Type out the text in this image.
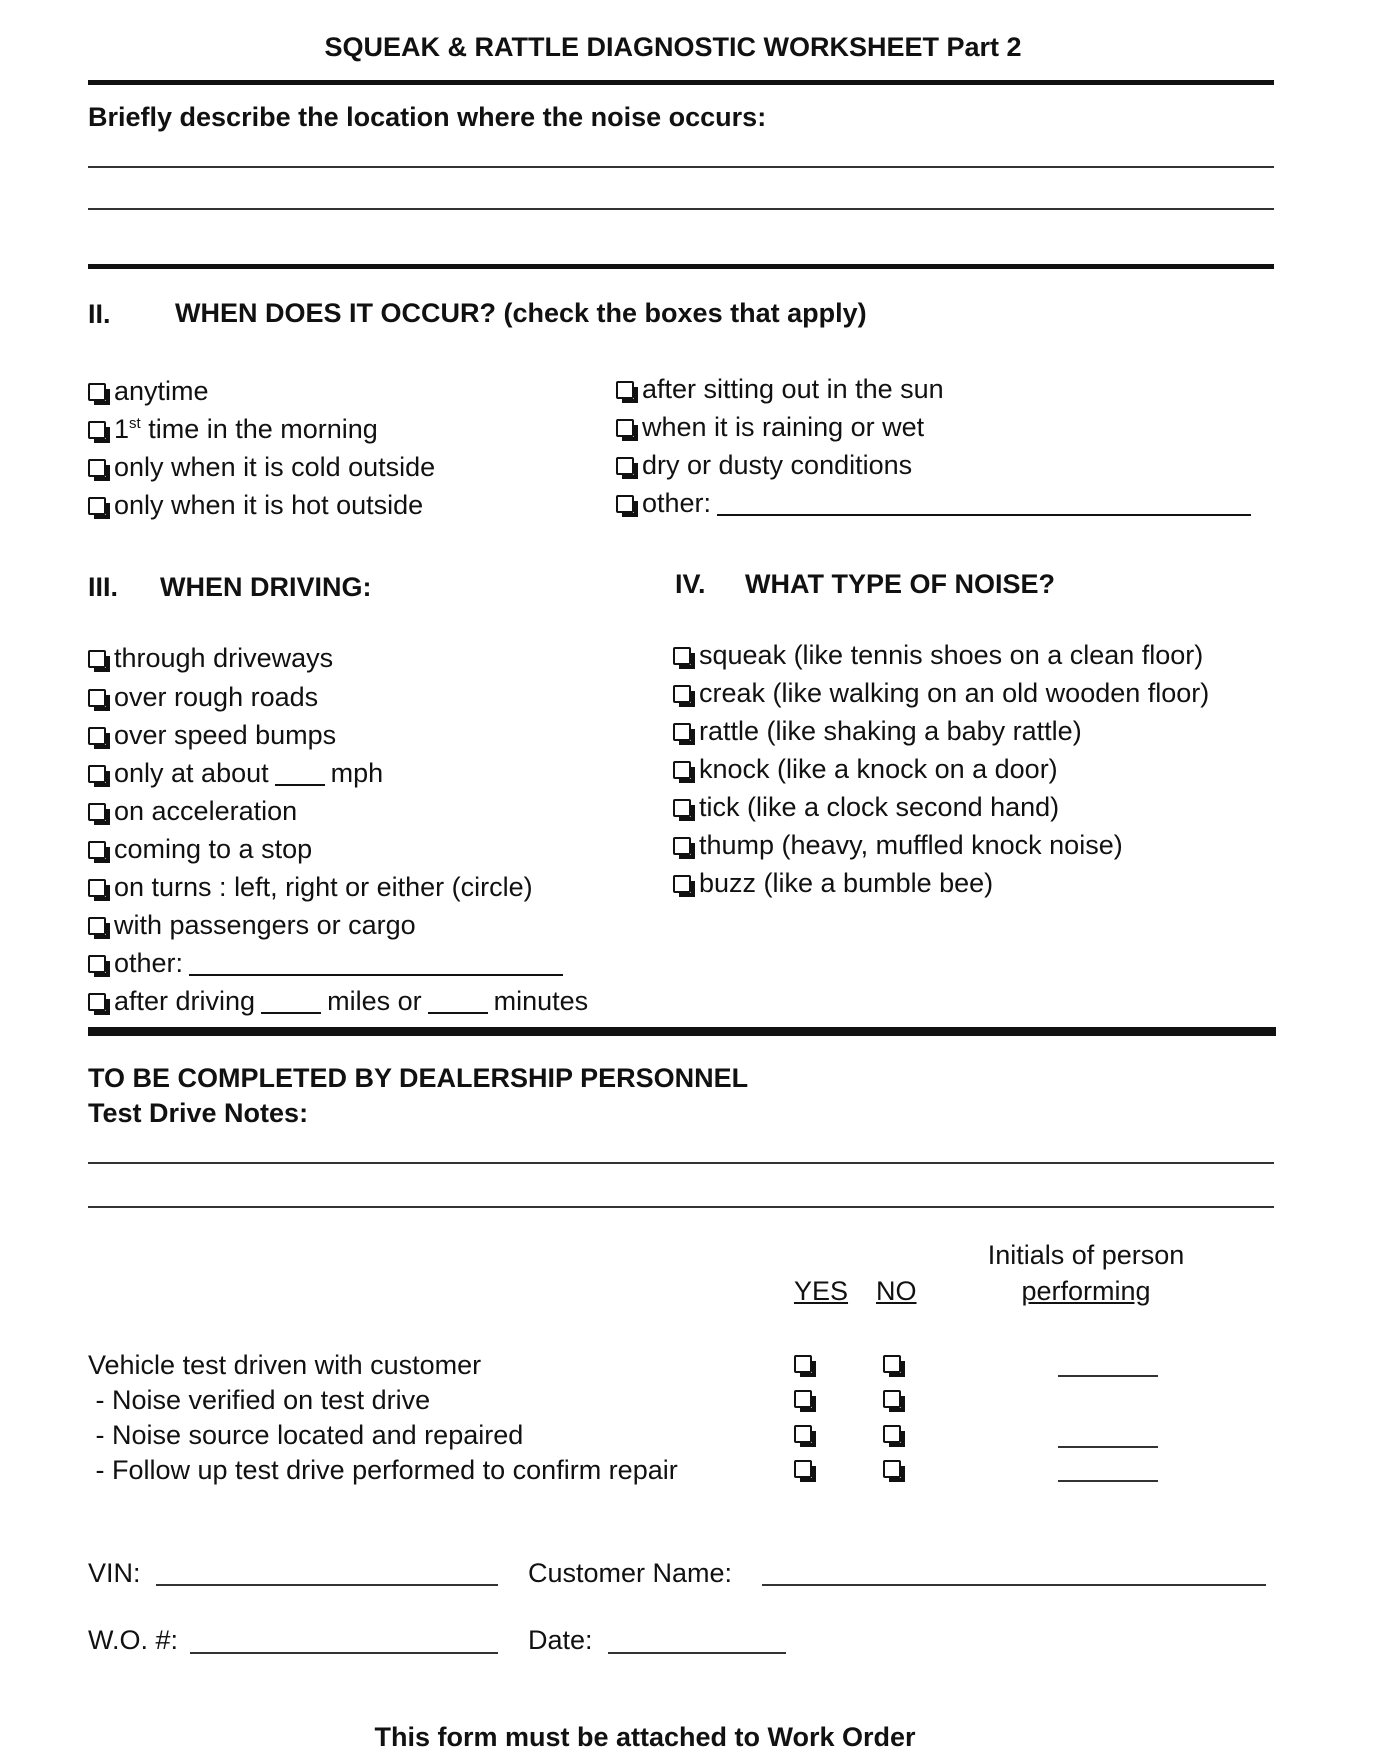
SQUEAK & RATTLE DIAGNOSTIC WORKSHEET Part 2
Briefly describe the location where the noise occurs:
II. WHEN DOES IT OCCUR? (check the boxes that apply)
anytime
1st time in the morning
only when it is cold outside
only when it is hot outside
after sitting out in the sun
when it is raining or wet
dry or dusty conditions
other:
III. WHEN DRIVING:
through driveways
over rough roads
over speed bumps
only at about mph
on acceleration
coming to a stop
on turns : left, right or either (circle)
with passengers or cargo
other:
after driving	miles or	minutes
IV. WHAT TYPE OF NOISE?
squeak (like tennis shoes on a clean floor)
creak (like walking on an old wooden floor)
rattle (like shaking a baby rattle)
knock (like a knock on a door)
tick (like a clock second hand)
thump (heavy, muffled knock noise)
buzz (like a bumble bee)
TO BE COMPLETED BY DEALERSHIP PERSONNEL
Test Drive Notes:
Initials of person
performing
YES NO
Vehicle test driven with customer
- Noise verified on test drive
- Noise source located and repaired
- Follow up test drive performed to confirm repair
VIN:	Customer Name:
W.O. #:	Date:
This form must be attached to Work Order
